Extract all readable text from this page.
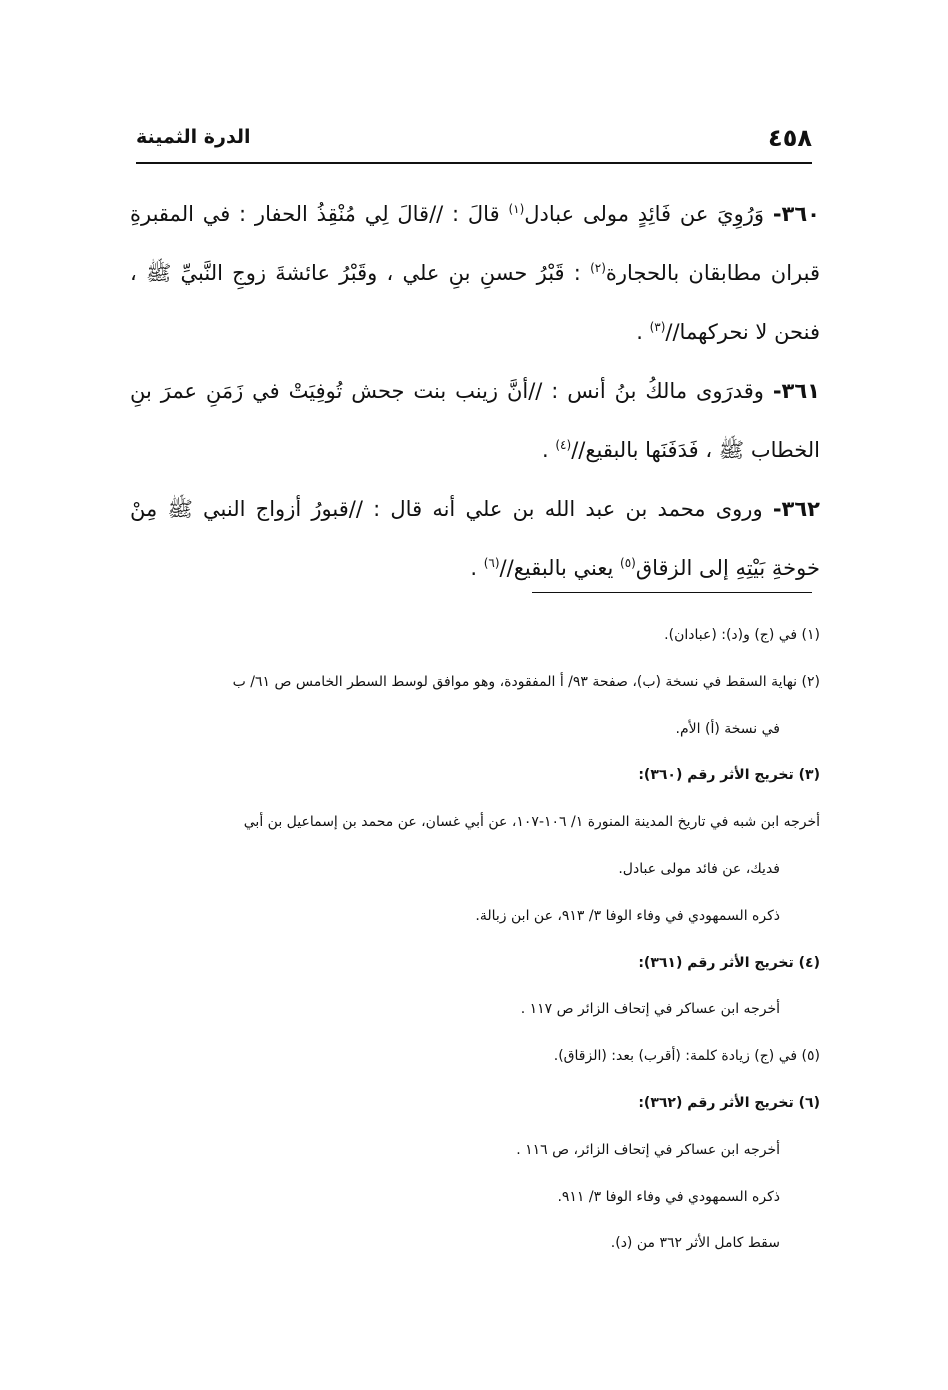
٤٥٨
الدرة الثمينة

٣٦٠- وَرُوِيَ عن فَائِدٍ مولى عبادل$^{(١)}$ قالَ : //قالَ لِي مُنْقِذُ الحفار : في المقبرةِ قبران مطابقان بالحجارة$^{(٢)}$ : قَبْرُ حسنِ بنِ علي ، وقَبْرُ عائشةَ زوجِ النَّبيِّ ﷺ ، فنحن لا نحركهما//$^{(٣)}$ .

٣٦١- وقدرَوى مالكُ بنُ أنس : //أنَّ زينب بنت جحش تُوفِيَتْ في زَمَنِ عمرَ بنِ الخطاب ﷺ ، فَدَفَنَها بالبقيع//$^{(٤)}$ .

٣٦٢- وروى محمد بن عبد الله بن علي أنه قال : //قبورُ أزواج النبي ﷺ مِنْ خوخةِ بَيْتِهِ إلى الزقاق$^{(٥)}$ يعني بالبقيع//$^{(٦)}$ .

(١) في (ج) و(د): (عبادان).

(٢) نهاية السقط في نسخة (ب)، صفحة ٩٣/ أ المفقودة، وهو موافق لوسط السطر الخامس ص ٦١/ ب

في نسخة (أ) الأم.

(٣) تخريج الأثر رقم (٣٦٠):

أخرجه ابن شبه في تاريخ المدينة المنورة ١/ ١٠٦-١٠٧، عن أبي غسان، عن محمد بن إسماعيل بن أبي

فديك، عن فائد مولى عبادل.

ذكره السمهودي في وفاء الوفا ٣/ ٩١٣، عن ابن زبالة.

(٤) تخريج الأثر رقم (٣٦١):

أخرجه ابن عساكر في إتحاف الزائر ص ١١٧ .

(٥) في (ج) زيادة كلمة: (أقرب) بعد: (الزقاق).

(٦) تخريج الأثر رقم (٣٦٢):

أخرجه ابن عساكر في إتحاف الزائر، ص ١١٦ .

ذكره السمهودي في وفاء الوفا ٣/ ٩١١.

سقط كامل الأثر ٣٦٢ من (د).
